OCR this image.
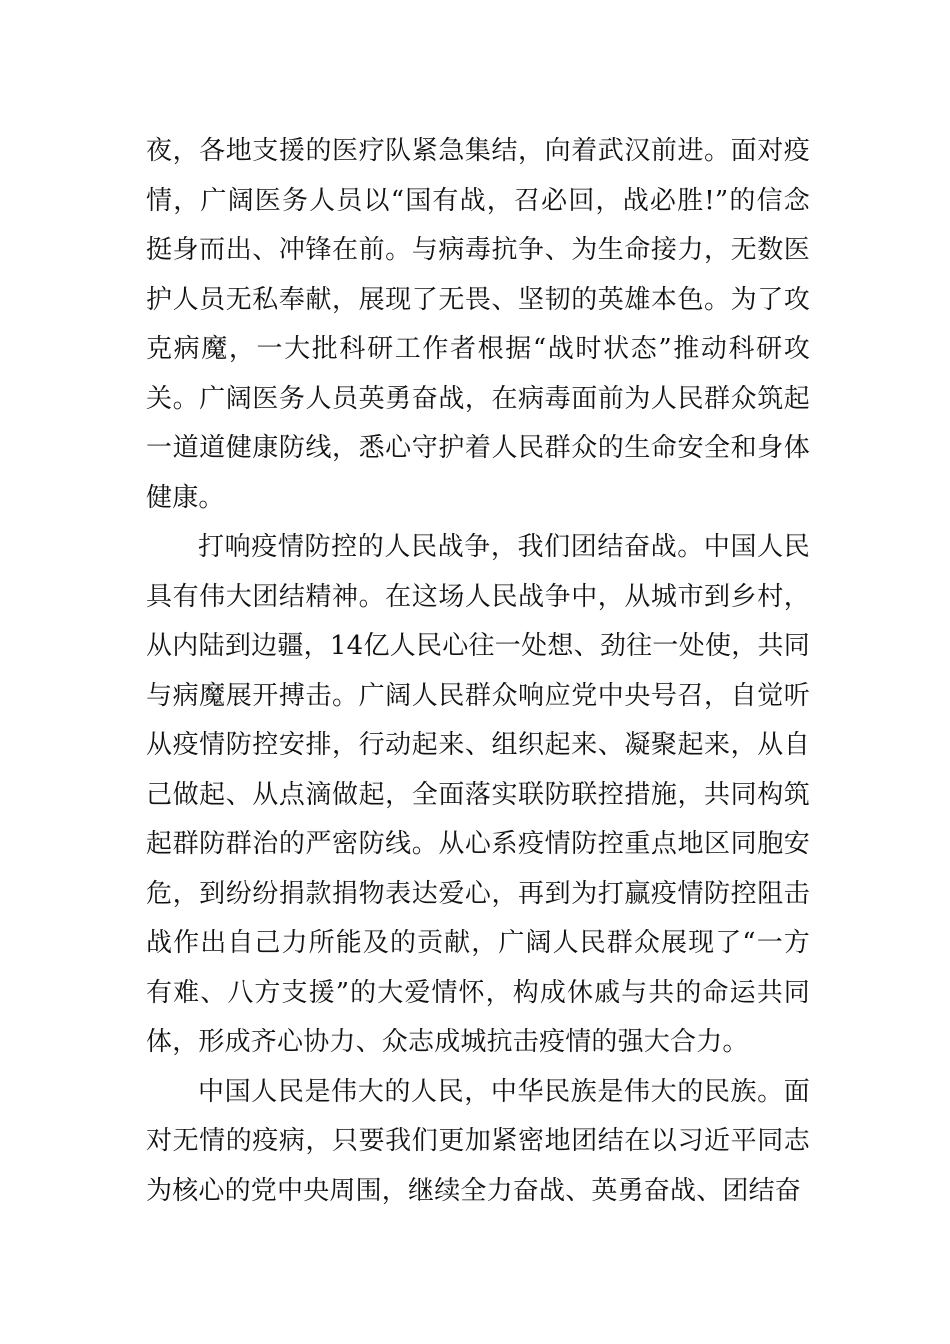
夜，各地支援的医疗队紧急集结，向着武汉前进。面对疫情，广阔医务人员以“国有战，召必回，战必胜!”的信念挺身而出、冲锋在前。与病毒抗争、为生命接力，无数医护人员无私奉献，展现了无畏、坚韧的英雄本色。为了攻克病魔，一大批科研工作者根据“战时状态”推动科研攻关。广阔医务人员英勇奋战，在病毒面前为人民群众筑起一道道健康防线，悉心守护着人民群众的生命安全和身体健康。

打响疫情防控的人民战争，我们团结奋战。中国人民具有伟大团结精神。在这场人民战争中，从城市到乡村，从内陆到边疆，14亿人民心往一处想、劲往一处使，共同与病魔展开搏击。广阔人民群众响应党中央号召，自觉听从疫情防控安排，行动起来、组织起来、凝聚起来，从自己做起、从点滴做起，全面落实联防联控措施，共同构筑起群防群治的严密防线。从心系疫情防控重点地区同胞安危，到纷纷捐款捐物表达爱心，再到为打赢疫情防控阻击战作出自己力所能及的贡献，广阔人民群众展现了“一方有难、八方支援”的大爱情怀，构成休戚与共的命运共同体，形成齐心协力、众志成城抗击疫情的强大合力。

中国人民是伟大的人民，中华民族是伟大的民族。面对无情的疫病，只要我们更加紧密地团结在以习近平同志为核心的党中央周围，继续全力奋战、英勇奋战、团结奋
